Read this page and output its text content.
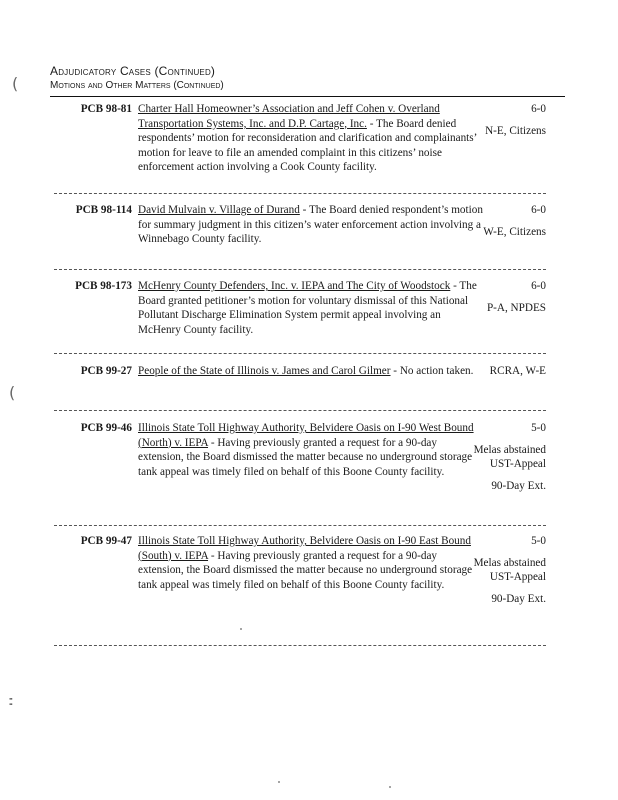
Adjudicatory Cases (Continued)
Motions and Other Matters (Continued)
PCB 98-81 Charter Hall Homeowner’s Association and Jeff Cohen v. Overland Transportation Systems, Inc. and D.P. Cartage, Inc. - The Board denied respondents’ motion for reconsideration and clarification and complainants’ motion for leave to file an amended complaint in this citizens’ noise enforcement action involving a Cook County facility.
6-0
N-E, Citizens
PCB 98-114 David Mulvain v. Village of Durand - The Board denied respondent’s motion for summary judgment in this citizen’s water enforcement action involving a Winnebago County facility.
6-0
W-E, Citizens
PCB 98-173 McHenry County Defenders, Inc. v. IEPA and The City of Woodstock - The Board granted petitioner’s motion for voluntary dismissal of this National Pollutant Discharge Elimination System permit appeal involving an McHenry County facility.
6-0
P-A, NPDES
PCB 99-27 People of the State of Illinois v. James and Carol Gilmer - No action taken.	RCRA, W-E
PCB 99-46 Illinois State Toll Highway Authority, Belvidere Oasis on I-90 West Bound (North) v. IEPA - Having previously granted a request for a 90-day extension, the Board dismissed the matter because no underground storage tank appeal was timely filed on behalf of this Boone County facility.
5-0
Melas abstained
UST-Appeal
90-Day Ext.
PCB 99-47 Illinois State Toll Highway Authority, Belvidere Oasis on I-90 East Bound (South) v. IEPA - Having previously granted a request for a 90-day extension, the Board dismissed the matter because no underground storage tank appeal was timely filed on behalf of this Boone County facility.
5-0
Melas abstained
UST-Appeal
90-Day Ext.
(
(
::
